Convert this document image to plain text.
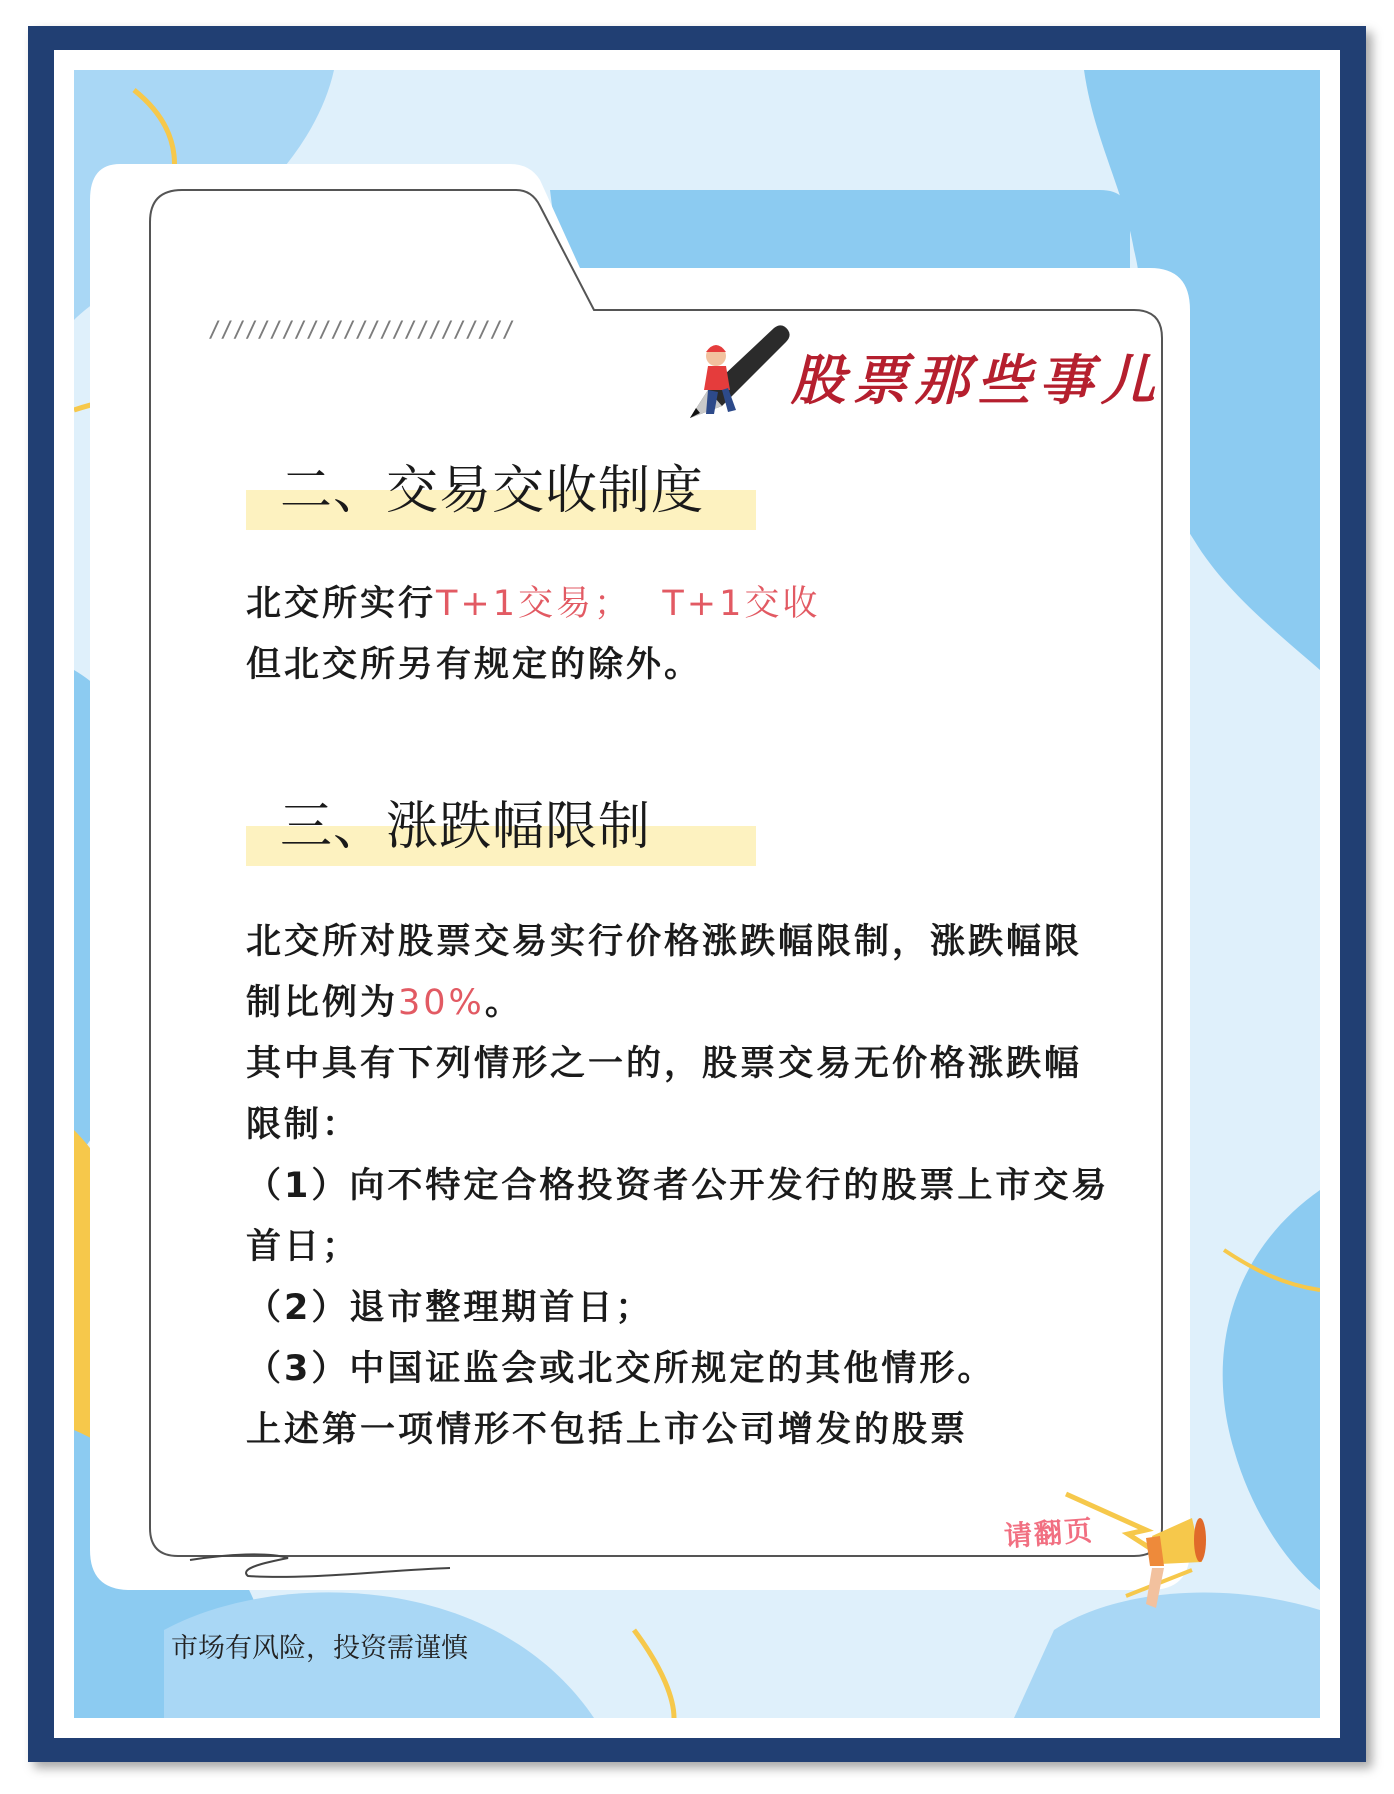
/////////////////////////
股票那些事儿
二、交易交收制度

北交所实行T+1交易； T+1交收

但北交所另有规定的除外。

三、涨跌幅限制

北交所对股票交易实行价格涨跌幅限制，涨跌幅限

制比例为30%。

其中具有下列情形之一的，股票交易无价格涨跌幅

限制：

（1）向不特定合格投资者公开发行的股票上市交易

首日；

（2）退市整理期首日；

（3）中国证监会或北交所规定的其他情形。

上述第一项情形不包括上市公司增发的股票

请翻页
市场有风险，投资需谨慎
